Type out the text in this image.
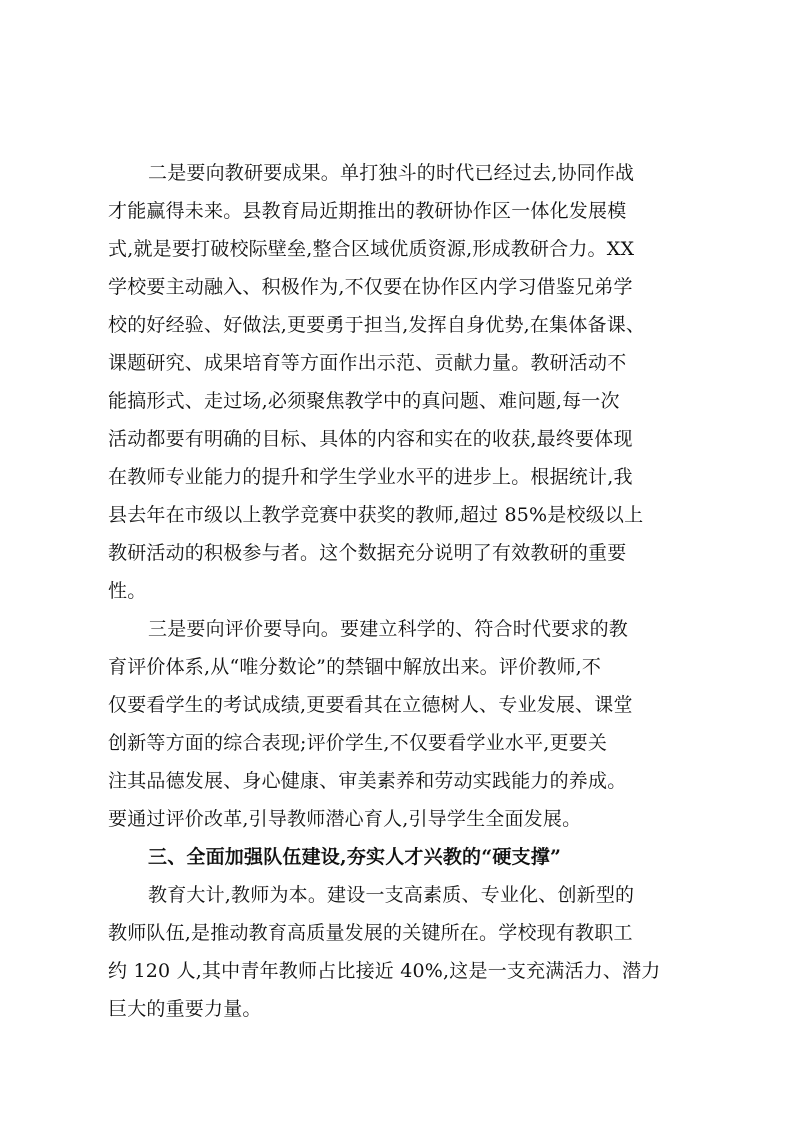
二是要向教研要成果。单打独斗的时代已经过去,协同作战
才能赢得未来。县教育局近期推出的教研协作区一体化发展模
式,就是要打破校际壁垒,整合区域优质资源,形成教研合力。XX
学校要主动融入、积极作为,不仅要在协作区内学习借鉴兄弟学
校的好经验、好做法,更要勇于担当,发挥自身优势,在集体备课、
课题研究、成果培育等方面作出示范、贡献力量。教研活动不
能搞形式、走过场,必须聚焦教学中的真问题、难问题,每一次
活动都要有明确的目标、具体的内容和实在的收获,最终要体现
在教师专业能力的提升和学生学业水平的进步上。根据统计,我
县去年在市级以上教学竞赛中获奖的教师,超过 85%是校级以上
教研活动的积极参与者。这个数据充分说明了有效教研的重要
性。
三是要向评价要导向。要建立科学的、符合时代要求的教
育评价体系,从“唯分数论”的禁锢中解放出来。评价教师,不
仅要看学生的考试成绩,更要看其在立德树人、专业发展、课堂
创新等方面的综合表现;评价学生,不仅要看学业水平,更要关
注其品德发展、身心健康、审美素养和劳动实践能力的养成。
要通过评价改革,引导教师潜心育人,引导学生全面发展。
三、全面加强队伍建设,夯实人才兴教的“硬支撑”
教育大计,教师为本。建设一支高素质、专业化、创新型的
教师队伍,是推动教育高质量发展的关键所在。学校现有教职工
约 120 人,其中青年教师占比接近 40%,这是一支充满活力、潜力
巨大的重要力量。
